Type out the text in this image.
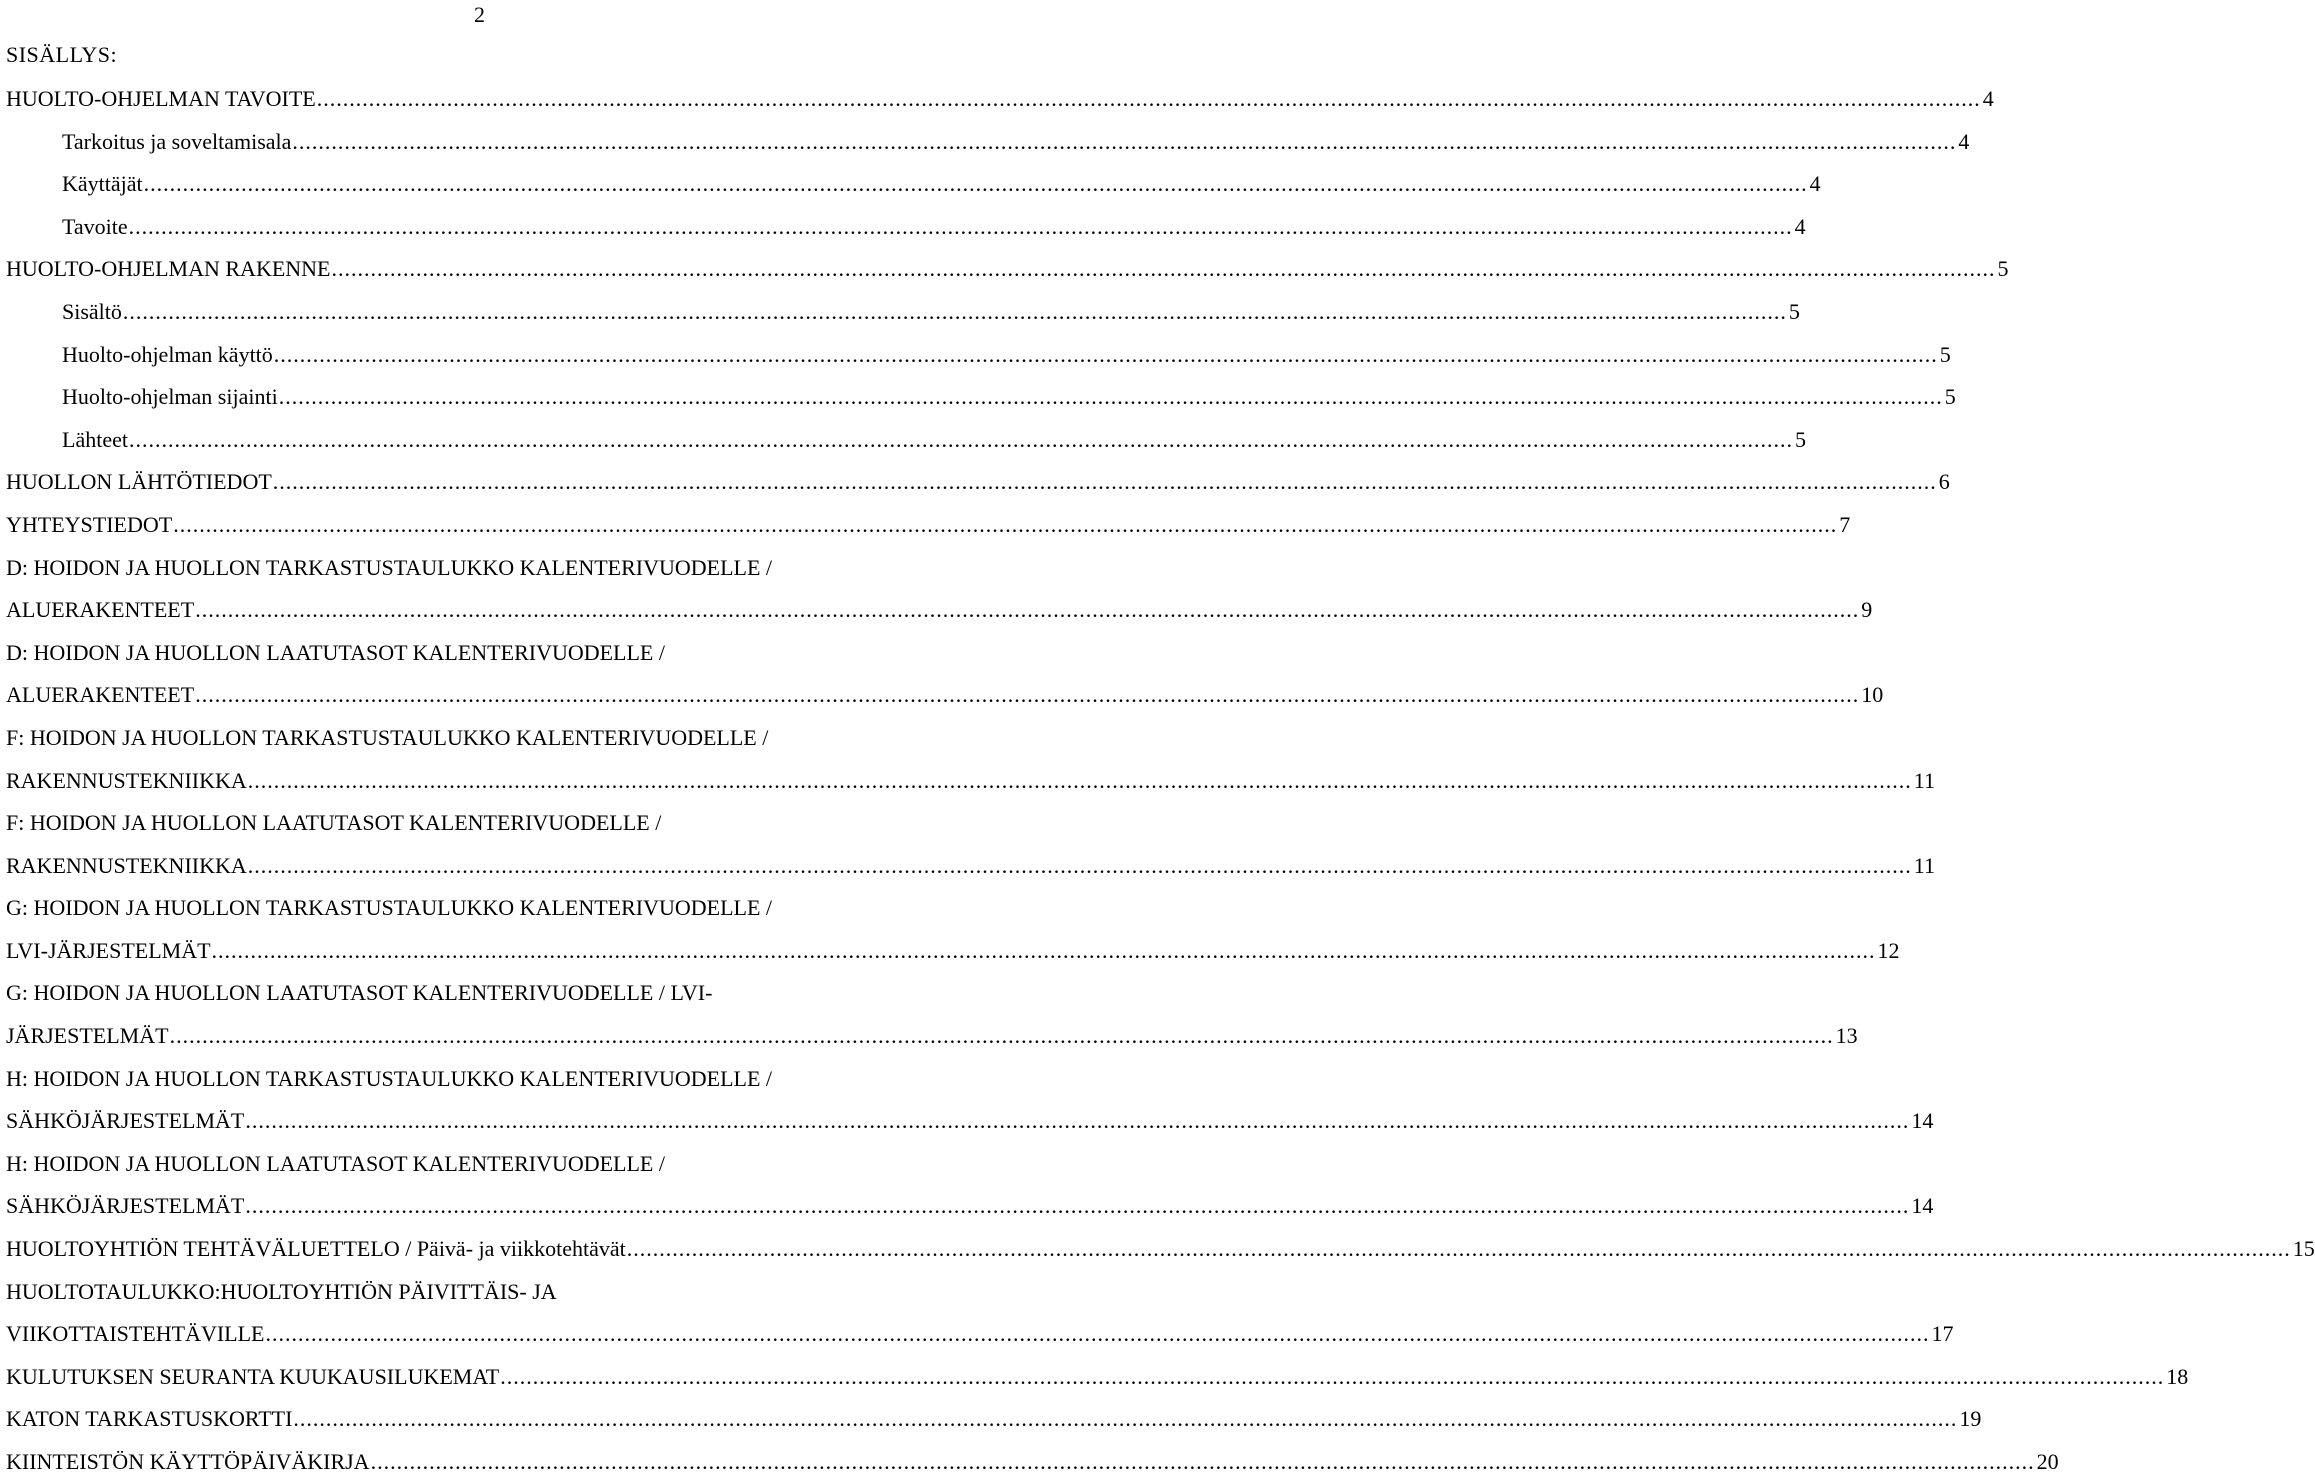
2
SISÄLLYS:
HUOLTO-OHJELMAN TAVOITE .....	4
Tarkoitus ja soveltamisala .....	4
Käyttäjät .....	4
Tavoite .....	4
HUOLTO-OHJELMAN RAKENNE .....	5
Sisältö .....	5
Huolto-ohjelman käyttö .....	5
Huolto-ohjelman sijainti .....	5
Lähteet .....	5
HUOLLON LÄHTÖTIEDOT .....	6
YHTEYSTIEDOT .....	7
D: HOIDON JA HUOLLON TARKASTUSTAULUKKO KALENTERIVUODELLE /
ALUERAKENTEET .....	9
D: HOIDON JA HUOLLON LAATUTASOT KALENTERIVUODELLE /
ALUERAKENTEET .....	10
F: HOIDON JA HUOLLON TARKASTUSTAULUKKO KALENTERIVUODELLE /
RAKENNUSTEKNIIKKA .....	11
F: HOIDON JA HUOLLON LAATUTASOT KALENTERIVUODELLE /
RAKENNUSTEKNIIKKA .....	11
G: HOIDON JA HUOLLON TARKASTUSTAULUKKO KALENTERIVUODELLE /
LVI-JÄRJESTELMÄT .....	12
G: HOIDON JA HUOLLON LAATUTASOT KALENTERIVUODELLE / LVI-
JÄRJESTELMÄT .....	13
H: HOIDON JA HUOLLON TARKASTUSTAULUKKO KALENTERIVUODELLE /
SÄHKÖJÄRJESTELMÄT .....	14
H: HOIDON JA HUOLLON LAATUTASOT KALENTERIVUODELLE /
SÄHKÖJÄRJESTELMÄT .....	14
HUOLTOYHTIÖN TEHTÄVÄLUETTELO / Päivä- ja viikkotehtävät .....	15
HUOLTOTAULUKKO:HUOLTOYHTIÖN PÄIVITTÄIS- JA
VIIKOTTAISTEHTÄVILLE .....	17
KULUTUKSEN SEURANTA KUUKAUSILUKEMAT .....	18
KATON TARKASTUSKORTTI .....	19
KIINTEISTÖN KÄYTTÖPÄIVÄKIRJA .....	20
